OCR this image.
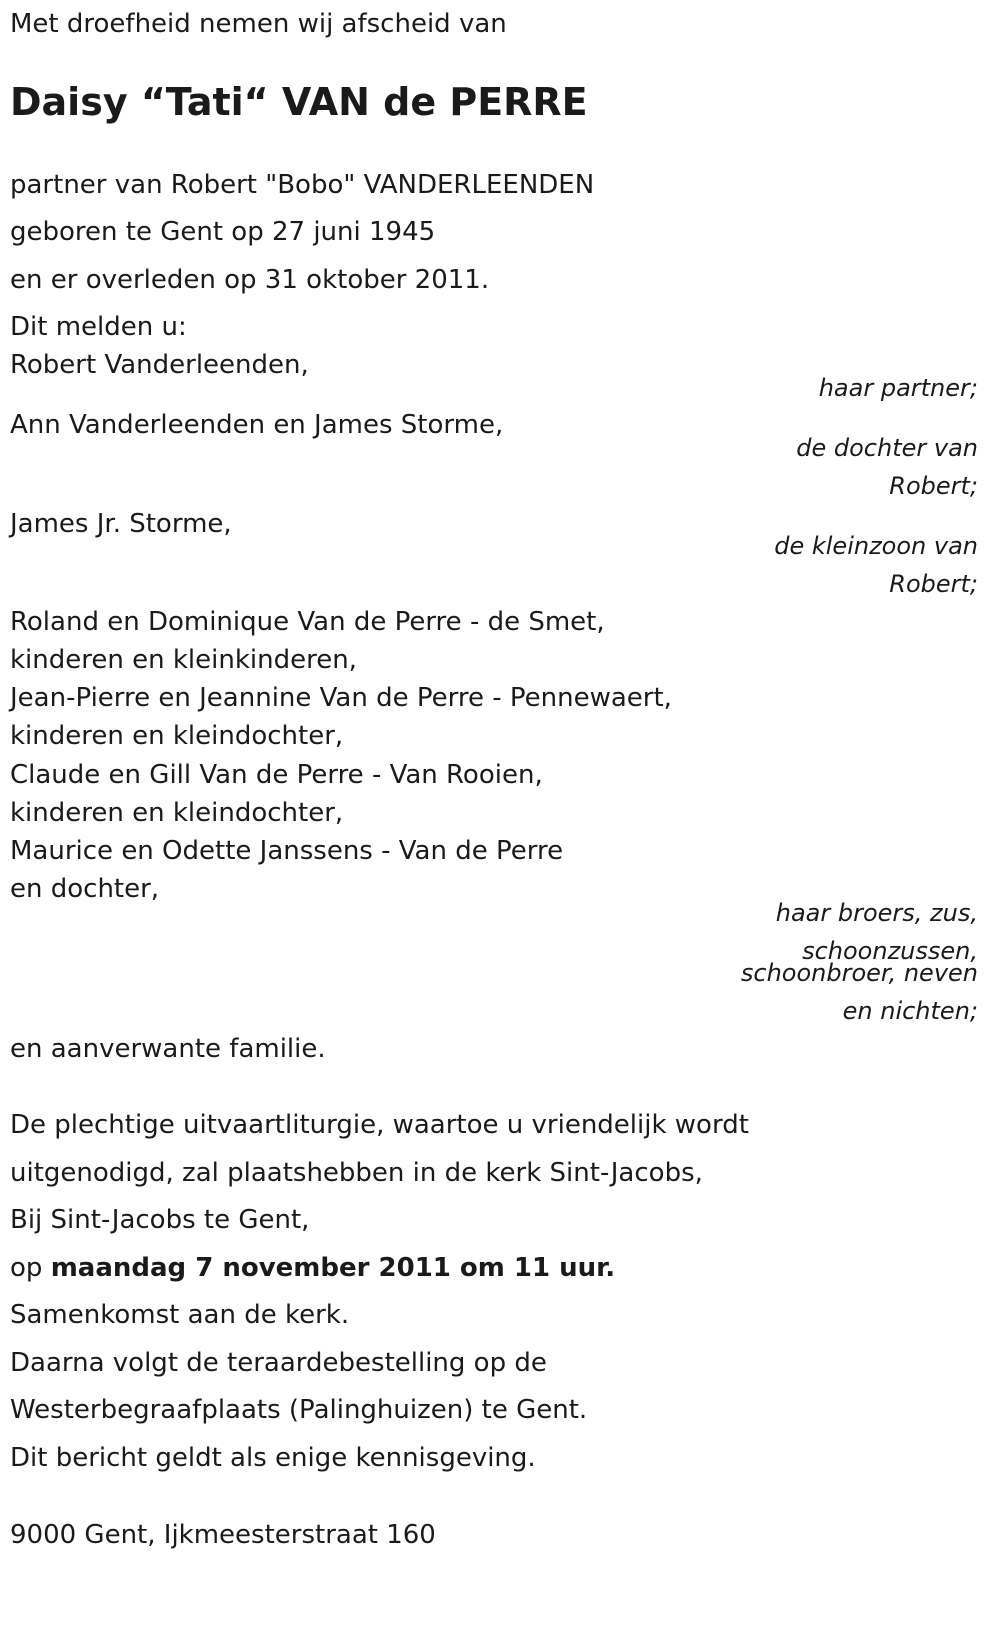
Met droefheid nemen wij afscheid van
Daisy “Tati“ VAN de PERRE
partner van Robert "Bobo" VANDERLEENDEN
geboren te Gent op 27 juni 1945
en er overleden op 31 oktober 2011.
Dit melden u:
Robert Vanderleenden,
Ann Vanderleenden en James Storme,
James Jr. Storme,
Roland en Dominique Van de Perre - de Smet,
kinderen en kleinkinderen,
Jean-Pierre en Jeannine Van de Perre - Pennewaert,
kinderen en kleindochter,
Claude en Gill Van de Perre - Van Rooien,
kinderen en kleindochter,
Maurice en Odette Janssens - Van de Perre
en dochter,
en aanverwante familie.
haar partner;
de dochter van
Robert;
de kleinzoon van
Robert;
haar broers, zus,
schoonzussen,
schoonbroer, neven
en nichten;
De plechtige uitvaartliturgie, waartoe u vriendelijk wordt
uitgenodigd, zal plaatshebben in de kerk Sint-Jacobs,
Bij Sint-Jacobs te Gent,
op maandag 7 november 2011 om 11 uur.
Samenkomst aan de kerk.
Daarna volgt de teraardebestelling op de
Westerbegraafplaats (Palinghuizen) te Gent.
Dit bericht geldt als enige kennisgeving.
9000 Gent, Ijkmeesterstraat 160
